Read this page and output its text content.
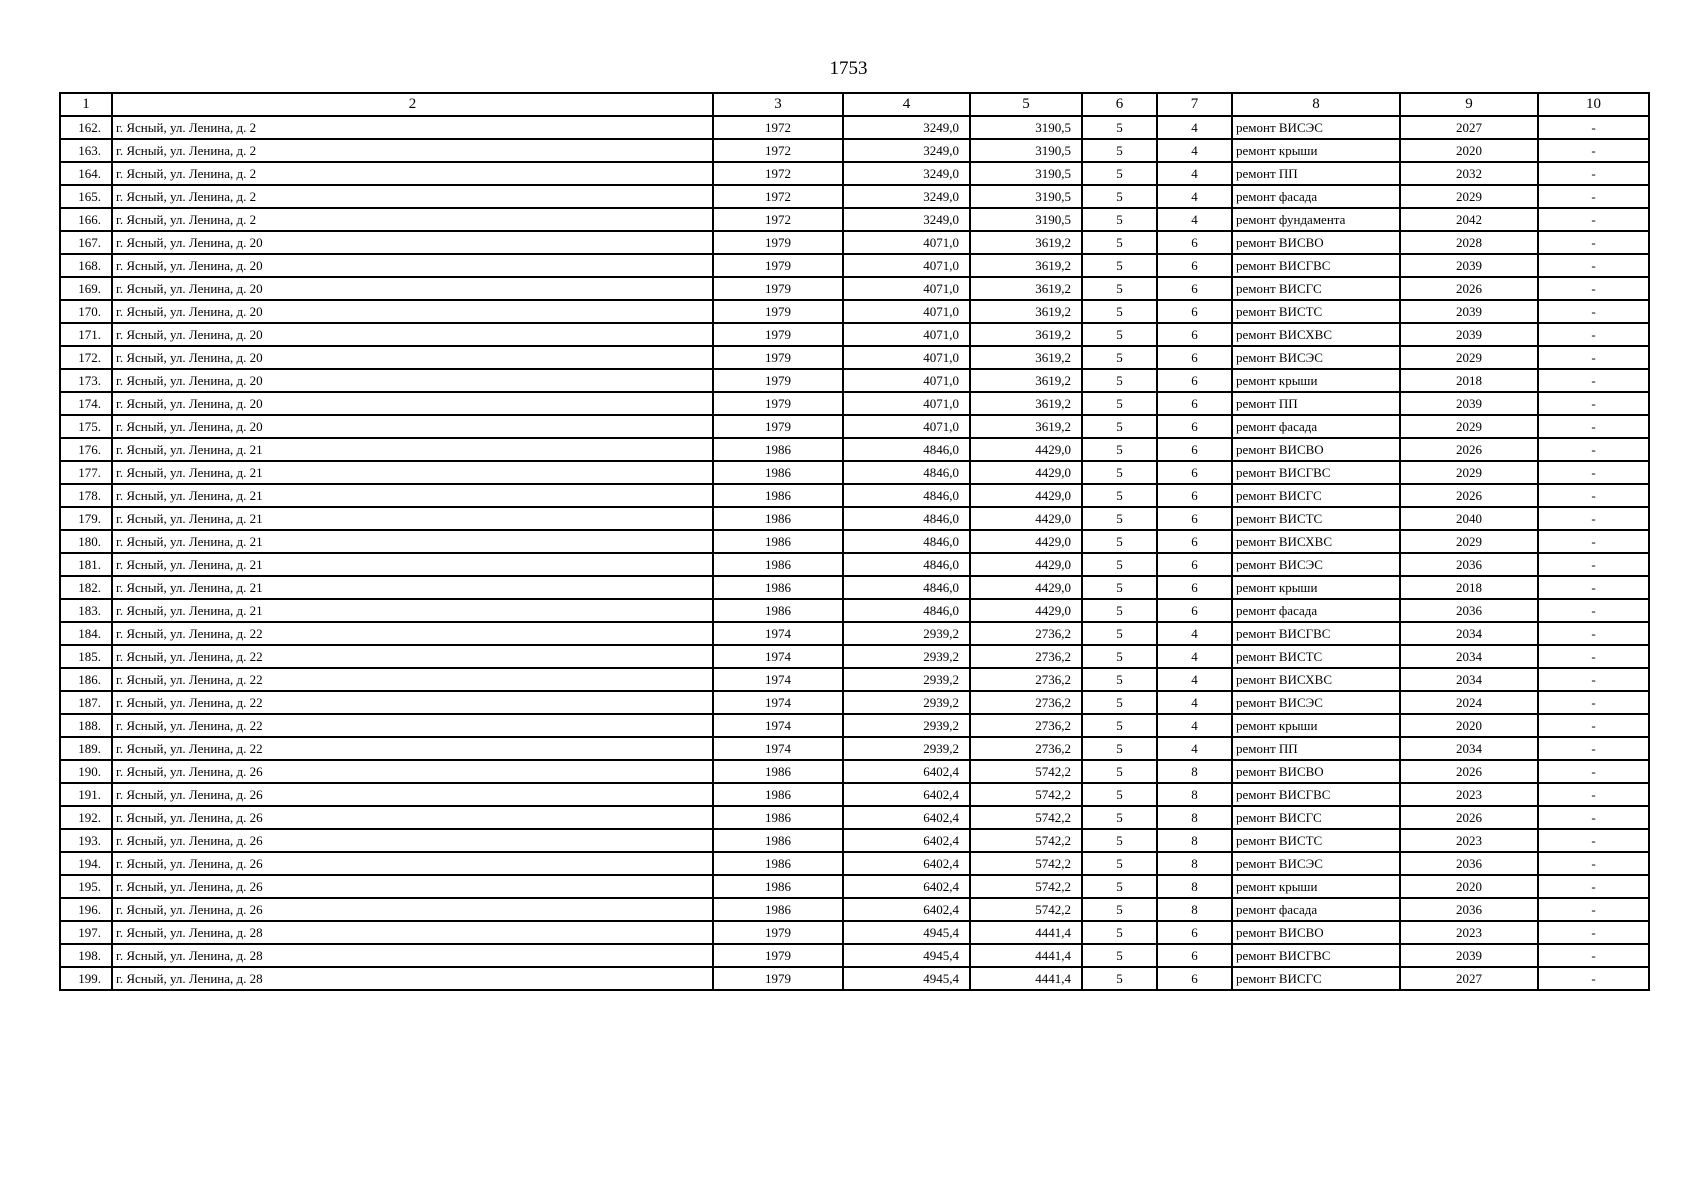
1753
1	2	3	4	5	6	7	8	9	10
162.	г. Ясный, ул. Ленина, д. 2	1972	3249,0	3190,5	5	4	ремонт ВИСЭС	2027	-
163.	г. Ясный, ул. Ленина, д. 2	1972	3249,0	3190,5	5	4	ремонт крыши	2020	-
164.	г. Ясный, ул. Ленина, д. 2	1972	3249,0	3190,5	5	4	ремонт ПП	2032	-
165.	г. Ясный, ул. Ленина, д. 2	1972	3249,0	3190,5	5	4	ремонт фасада	2029	-
166.	г. Ясный, ул. Ленина, д. 2	1972	3249,0	3190,5	5	4	ремонт фундамента	2042	-
167.	г. Ясный, ул. Ленина, д. 20	1979	4071,0	3619,2	5	6	ремонт ВИСВО	2028	-
168.	г. Ясный, ул. Ленина, д. 20	1979	4071,0	3619,2	5	6	ремонт ВИСГВС	2039	-
169.	г. Ясный, ул. Ленина, д. 20	1979	4071,0	3619,2	5	6	ремонт ВИСГС	2026	-
170.	г. Ясный, ул. Ленина, д. 20	1979	4071,0	3619,2	5	6	ремонт ВИСТС	2039	-
171.	г. Ясный, ул. Ленина, д. 20	1979	4071,0	3619,2	5	6	ремонт ВИСХВС	2039	-
172.	г. Ясный, ул. Ленина, д. 20	1979	4071,0	3619,2	5	6	ремонт ВИСЭС	2029	-
173.	г. Ясный, ул. Ленина, д. 20	1979	4071,0	3619,2	5	6	ремонт крыши	2018	-
174.	г. Ясный, ул. Ленина, д. 20	1979	4071,0	3619,2	5	6	ремонт ПП	2039	-
175.	г. Ясный, ул. Ленина, д. 20	1979	4071,0	3619,2	5	6	ремонт фасада	2029	-
176.	г. Ясный, ул. Ленина, д. 21	1986	4846,0	4429,0	5	6	ремонт ВИСВО	2026	-
177.	г. Ясный, ул. Ленина, д. 21	1986	4846,0	4429,0	5	6	ремонт ВИСГВС	2029	-
178.	г. Ясный, ул. Ленина, д. 21	1986	4846,0	4429,0	5	6	ремонт ВИСГС	2026	-
179.	г. Ясный, ул. Ленина, д. 21	1986	4846,0	4429,0	5	6	ремонт ВИСТС	2040	-
180.	г. Ясный, ул. Ленина, д. 21	1986	4846,0	4429,0	5	6	ремонт ВИСХВС	2029	-
181.	г. Ясный, ул. Ленина, д. 21	1986	4846,0	4429,0	5	6	ремонт ВИСЭС	2036	-
182.	г. Ясный, ул. Ленина, д. 21	1986	4846,0	4429,0	5	6	ремонт крыши	2018	-
183.	г. Ясный, ул. Ленина, д. 21	1986	4846,0	4429,0	5	6	ремонт фасада	2036	-
184.	г. Ясный, ул. Ленина, д. 22	1974	2939,2	2736,2	5	4	ремонт ВИСГВС	2034	-
185.	г. Ясный, ул. Ленина, д. 22	1974	2939,2	2736,2	5	4	ремонт ВИСТС	2034	-
186.	г. Ясный, ул. Ленина, д. 22	1974	2939,2	2736,2	5	4	ремонт ВИСХВС	2034	-
187.	г. Ясный, ул. Ленина, д. 22	1974	2939,2	2736,2	5	4	ремонт ВИСЭС	2024	-
188.	г. Ясный, ул. Ленина, д. 22	1974	2939,2	2736,2	5	4	ремонт крыши	2020	-
189.	г. Ясный, ул. Ленина, д. 22	1974	2939,2	2736,2	5	4	ремонт ПП	2034	-
190.	г. Ясный, ул. Ленина, д. 26	1986	6402,4	5742,2	5	8	ремонт ВИСВО	2026	-
191.	г. Ясный, ул. Ленина, д. 26	1986	6402,4	5742,2	5	8	ремонт ВИСГВС	2023	-
192.	г. Ясный, ул. Ленина, д. 26	1986	6402,4	5742,2	5	8	ремонт ВИСГС	2026	-
193.	г. Ясный, ул. Ленина, д. 26	1986	6402,4	5742,2	5	8	ремонт ВИСТС	2023	-
194.	г. Ясный, ул. Ленина, д. 26	1986	6402,4	5742,2	5	8	ремонт ВИСЭС	2036	-
195.	г. Ясный, ул. Ленина, д. 26	1986	6402,4	5742,2	5	8	ремонт крыши	2020	-
196.	г. Ясный, ул. Ленина, д. 26	1986	6402,4	5742,2	5	8	ремонт фасада	2036	-
197.	г. Ясный, ул. Ленина, д. 28	1979	4945,4	4441,4	5	6	ремонт ВИСВО	2023	-
198.	г. Ясный, ул. Ленина, д. 28	1979	4945,4	4441,4	5	6	ремонт ВИСГВС	2039	-
199.	г. Ясный, ул. Ленина, д. 28	1979	4945,4	4441,4	5	6	ремонт ВИСГС	2027	-
